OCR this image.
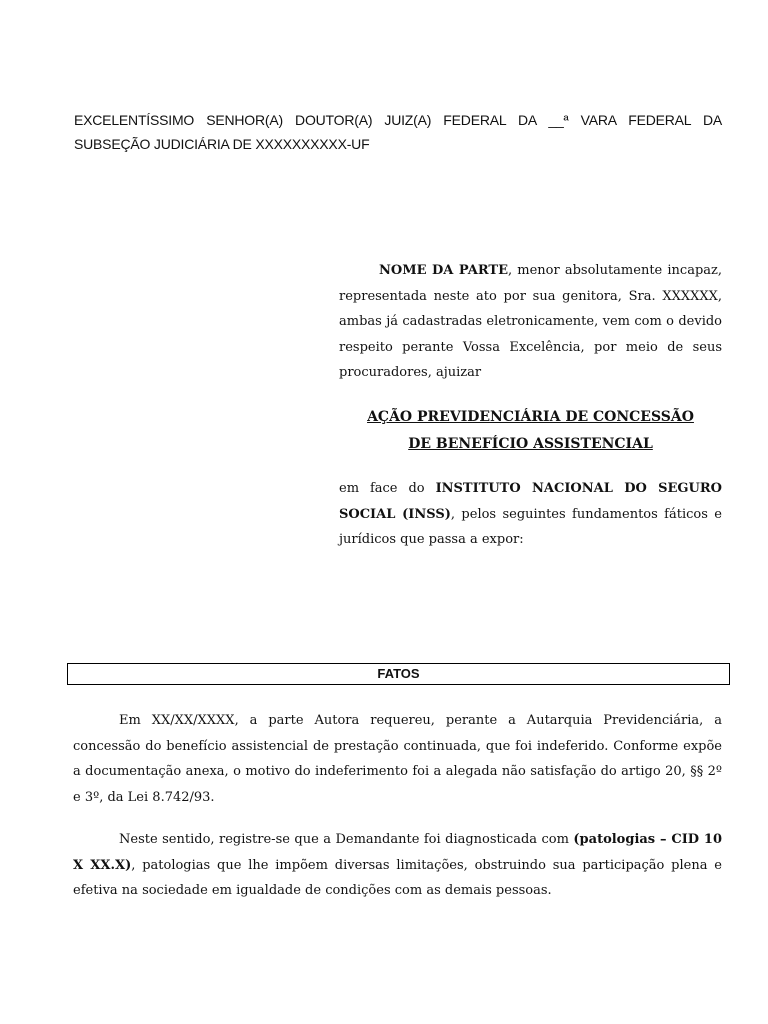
EXCELENTÍSSIMO SENHOR(A) DOUTOR(A) JUIZ(A) FEDERAL DA __ª VARA FEDERAL DA SUBSEÇÃO JUDICIÁRIA DE XXXXXXXXXX-UF

NOME DA PARTE, menor absolutamente incapaz, representada neste ato por sua genitora, Sra. XXXXXX, ambas já cadastradas eletronicamente, vem com o devido respeito perante Vossa Excelência, por meio de seus procuradores, ajuizar

AÇÃO PREVIDENCIÁRIA DE CONCESSÃO
DE BENEFÍCIO ASSISTENCIAL

em face do INSTITUTO NACIONAL DO SEGURO SOCIAL (INSS), pelos seguintes fundamentos fáticos e jurídicos que passa a expor:

FATOS

Em XX/XX/XXXX, a parte Autora requereu, perante a Autarquia Previdenciária, a concessão do benefício assistencial de prestação continuada, que foi indeferido. Conforme expõe a documentação anexa, o motivo do indeferimento foi a alegada não satisfação do artigo 20, §§ 2º e 3º, da Lei 8.742/93.

Neste sentido, registre-se que a Demandante foi diagnosticada com (patologias – CID 10 X XX.X), patologias que lhe impõem diversas limitações, obstruindo sua participação plena e efetiva na sociedade em igualdade de condições com as demais pessoas.
